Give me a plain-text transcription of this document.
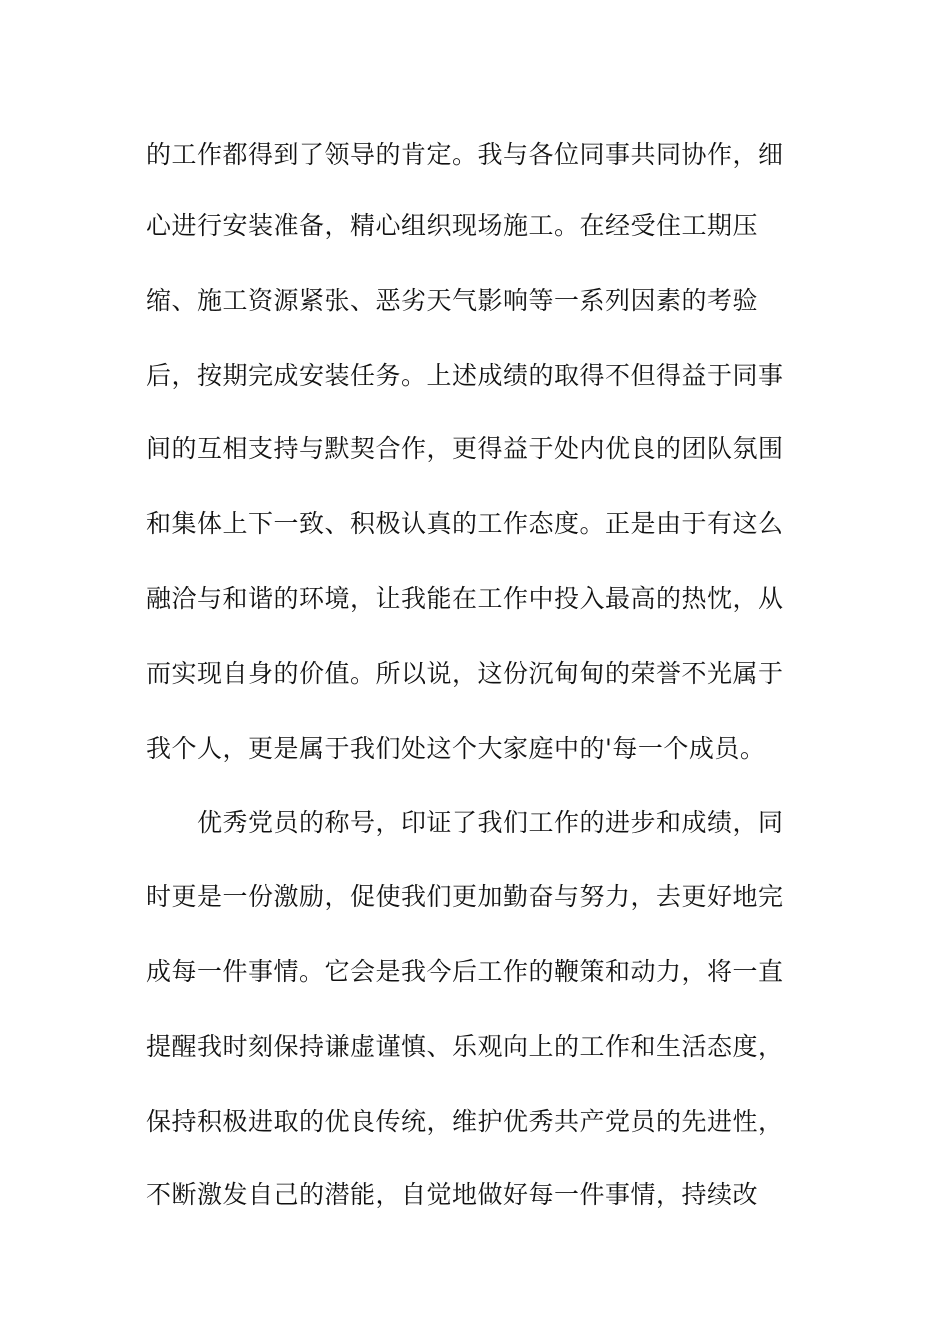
的工作都得到了领导的肯定。我与各位同事共同协作，细
心进行安装准备，精心组织现场施工。在经受住工期压
缩、施工资源紧张、恶劣天气影响等一系列因素的考验
后，按期完成安装任务。上述成绩的取得不但得益于同事
间的互相支持与默契合作，更得益于处内优良的团队氛围
和集体上下一致、积极认真的工作态度。正是由于有这么
融洽与和谐的环境，让我能在工作中投入最高的热忱，从
而实现自身的价值。所以说，这份沉甸甸的荣誉不光属于
我个人，更是属于我们处这个大家庭中的'每一个成员。
优秀党员的称号，印证了我们工作的进步和成绩，同
时更是一份激励，促使我们更加勤奋与努力，去更好地完
成每一件事情。它会是我今后工作的鞭策和动力，将一直
提醒我时刻保持谦虚谨慎、乐观向上的工作和生活态度，
保持积极进取的优良传统，维护优秀共产党员的先进性，
不断激发自己的潜能，自觉地做好每一件事情，持续改
